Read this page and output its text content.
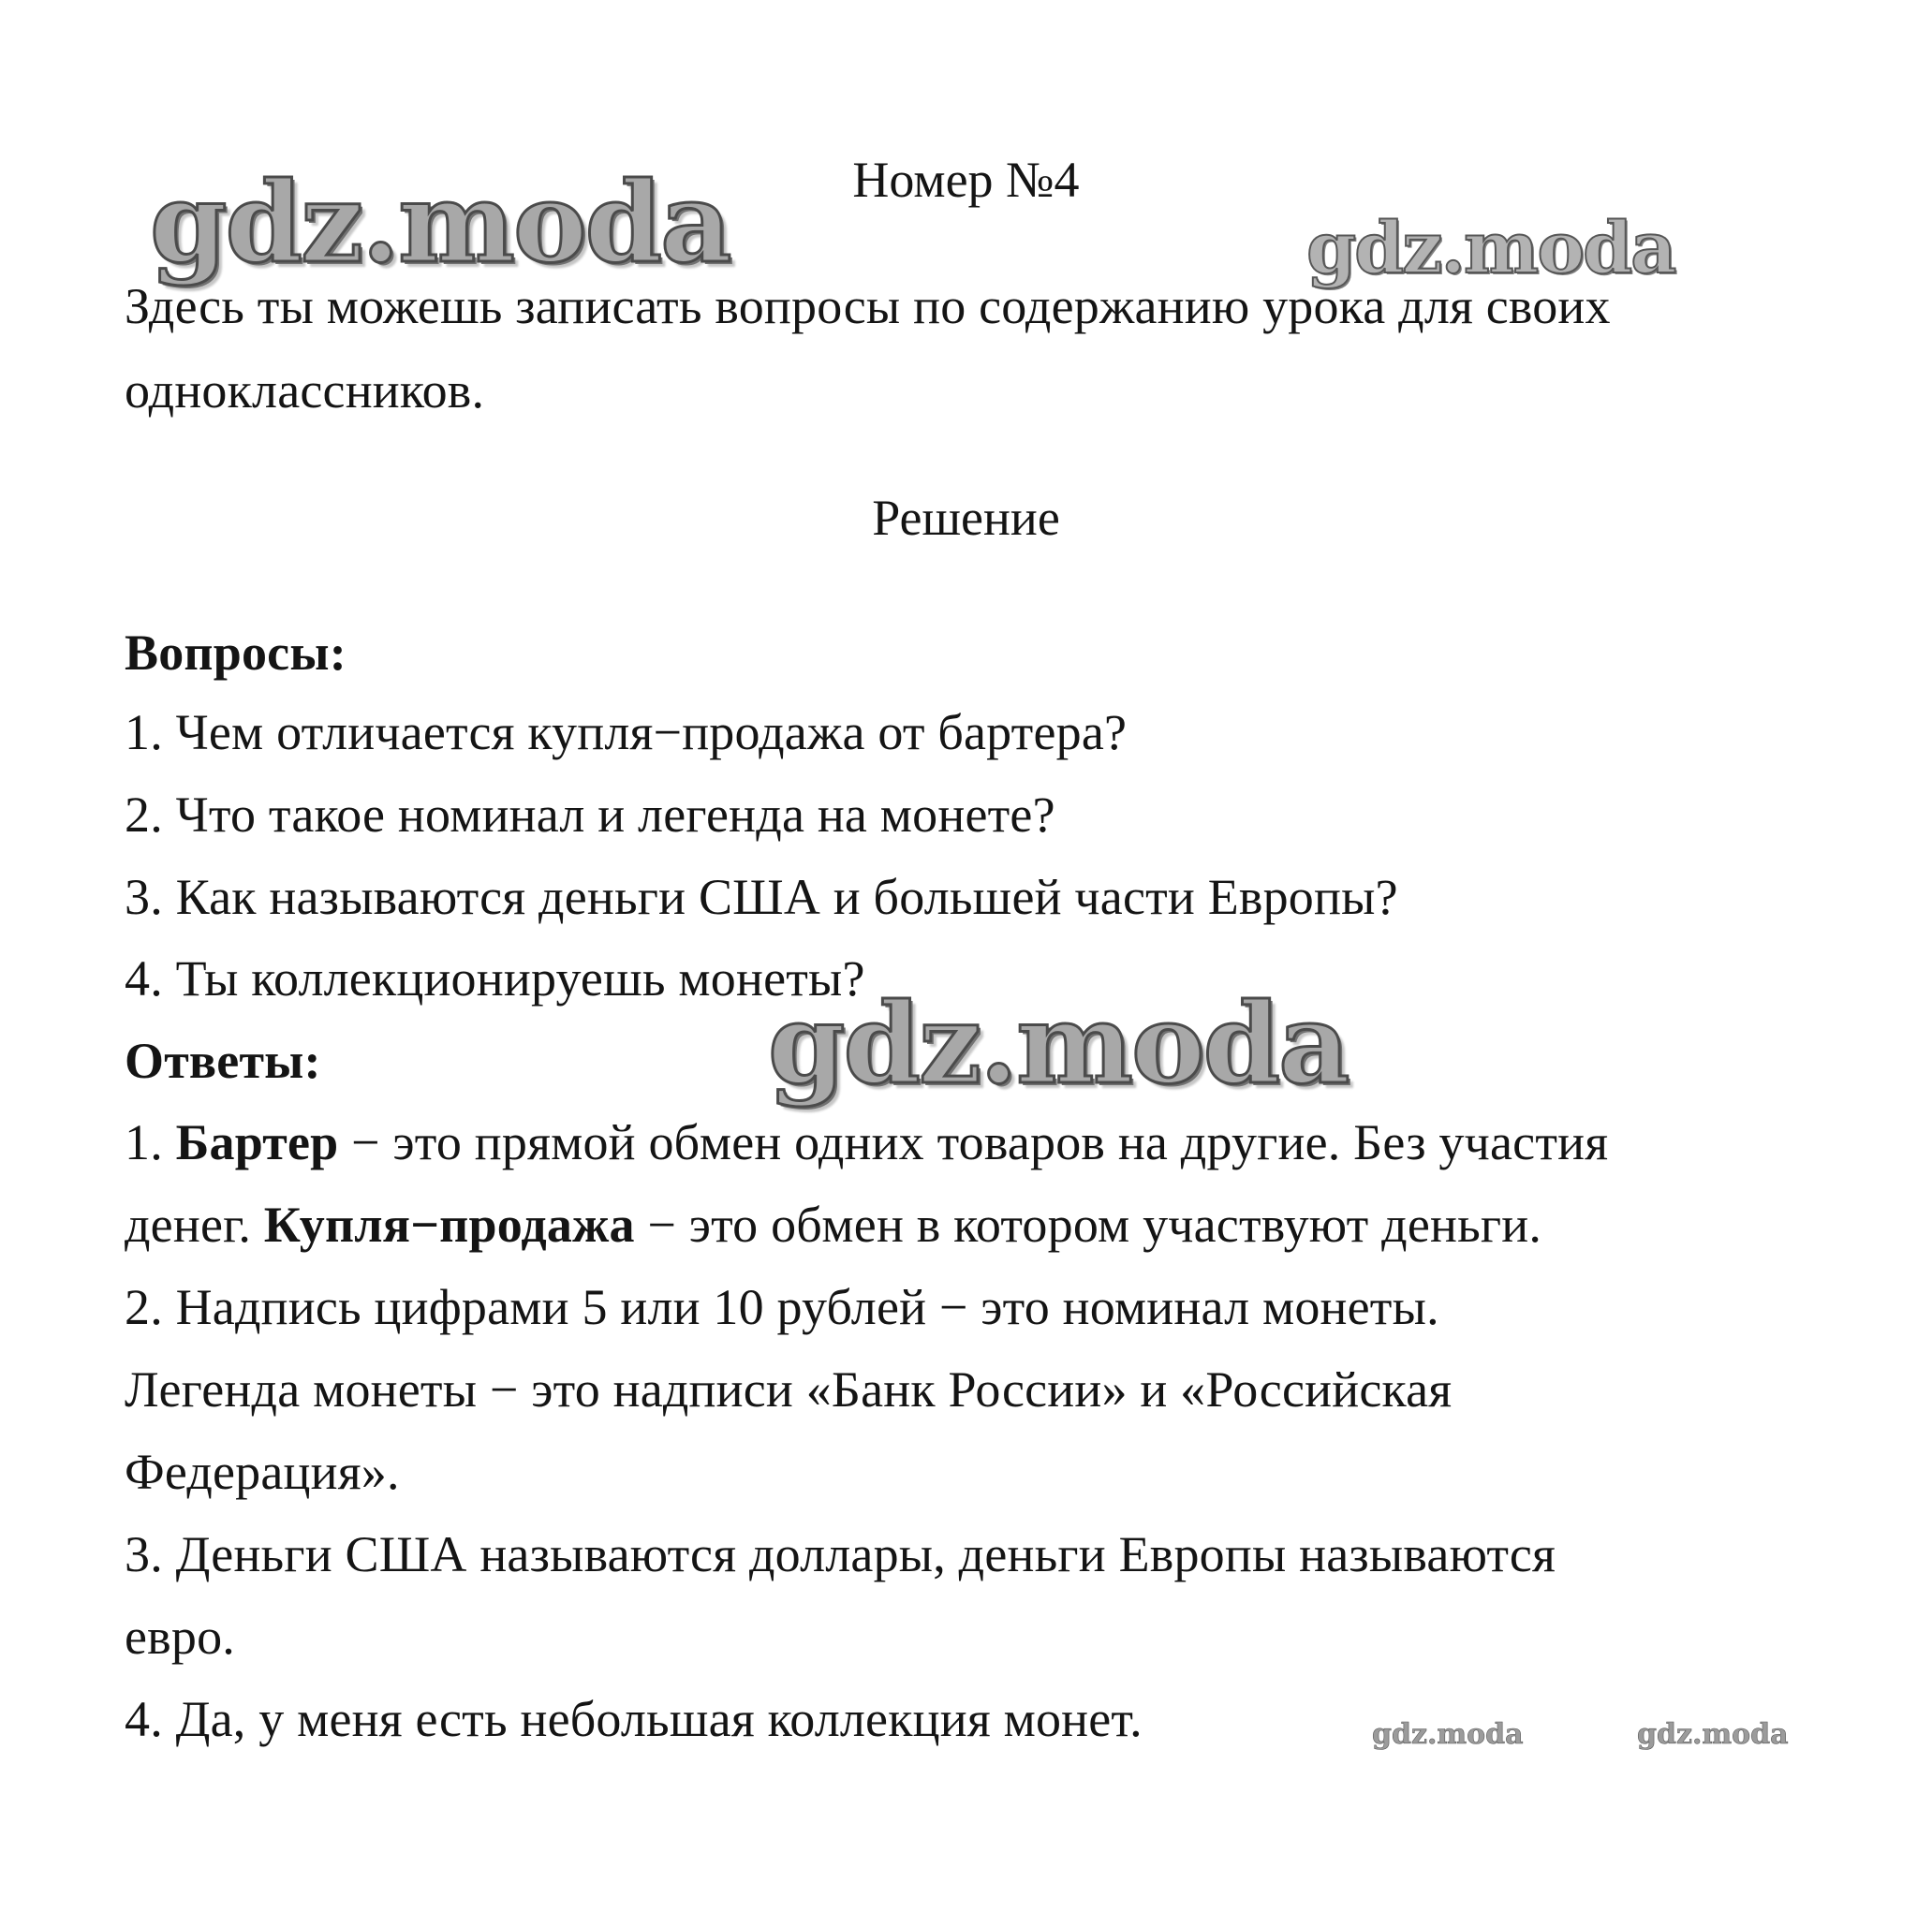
gdz.moda	gdz.moda
gdz.moda
gdz.moda	gdz.moda
Номер №4
Здесь ты можешь записать вопросы по содержанию урока для своих
одноклассников.
Решение
Вопросы:
1. Чем отличается купля−продажа от бартера?
2. Что такое номинал и легенда на монете?
3. Как называются деньги США и большей части Европы?
4. Ты коллекционируешь монеты?
Ответы:
1. Бартер − это прямой обмен одних товаров на другие. Без участия
денег. Купля−продажа − это обмен в котором участвуют деньги.
2. Надпись цифрами 5 или 10 рублей − это номинал монеты.
Легенда монеты − это надписи «Банк России» и «Российская
Федерация».
3. Деньги США называются доллары, деньги Европы называются
евро.
4. Да, у меня есть небольшая коллекция монет.
